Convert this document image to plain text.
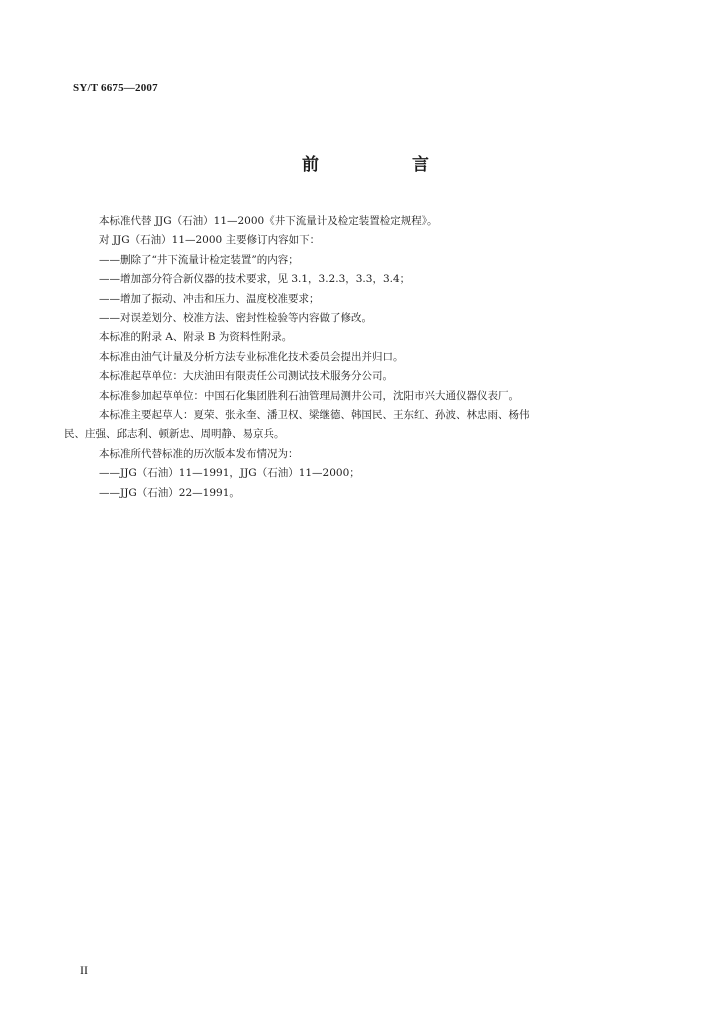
SY/T 6675—2007
前　言

本标准代替 JJG（石油）11—2000《井下流量计及检定装置检定规程》。

对 JJG（石油）11—2000 主要修订内容如下：

——删除了“井下流量计检定装置”的内容；

——增加部分符合新仪器的技术要求，见 3.1，3.2.3，3.3，3.4；

——增加了振动、冲击和压力、温度校准要求；

——对误差划分、校准方法、密封性检验等内容做了修改。

本标准的附录 A、附录 B 为资料性附录。

本标准由油气计量及分析方法专业标准化技术委员会提出并归口。

本标准起草单位：大庆油田有限责任公司测试技术服务分公司。

本标准参加起草单位：中国石化集团胜利石油管理局测井公司，沈阳市兴大通仪器仪表厂。

本标准主要起草人：夏荣、张永奎、潘卫权、梁继德、韩国民、王东红、孙波、林忠雨、杨伟

民、庄强、邱志利、顿新忠、周明静、易京兵。

本标准所代替标准的历次版本发布情况为：

——JJG（石油）11—1991，JJG（石油）11—2000；

——JJG（石油）22—1991。

II
